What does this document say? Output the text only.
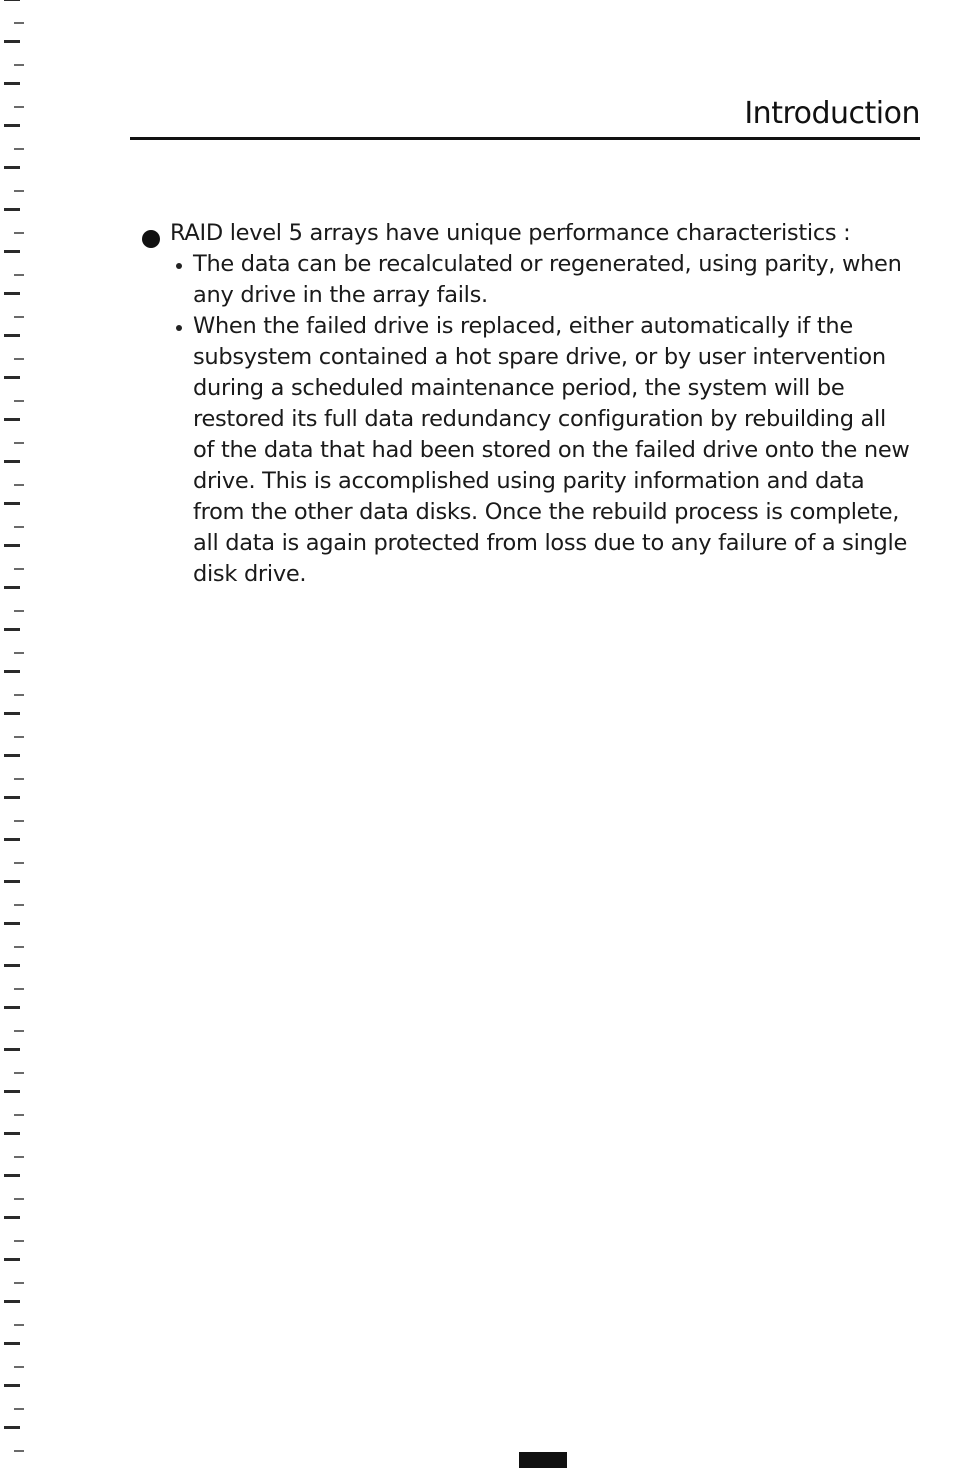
Introduction
RAID level 5 arrays have unique performance characteristics :
The data can be recalculated or regenerated, using parity, when any drive in the array fails.
When the failed drive is replaced, either automatically if the subsystem contained a hot spare drive, or by user intervention during a scheduled maintenance period, the system will be restored its full data redundancy configuration by rebuilding all of the data that had been stored on the failed drive onto the new drive. This is accomplished using parity information and data from the other data disks. Once the rebuild process is complete, all data is again protected from loss due to any failure of a single disk drive.
